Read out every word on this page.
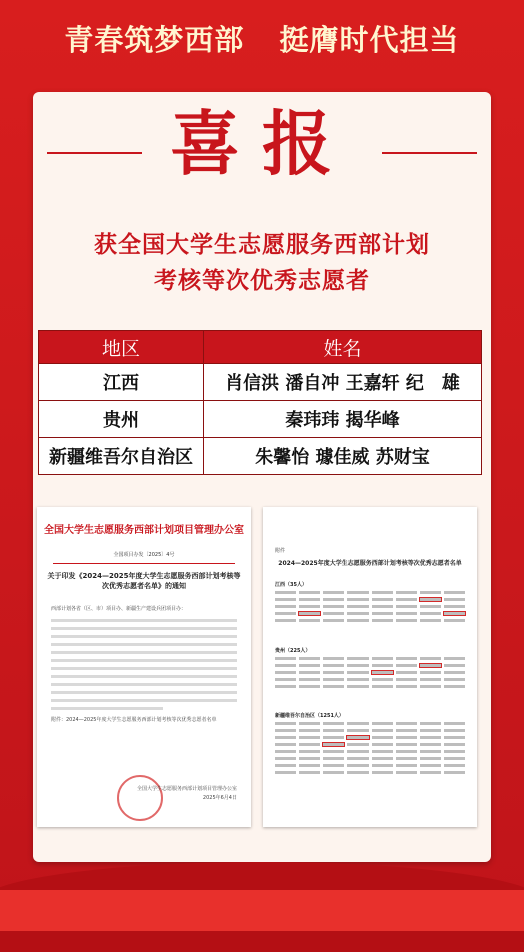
青春筑梦西部 挺膺时代担当
喜报
获全国大学生志愿服务西部计划
考核等次优秀志愿者
地区	姓名
江西	肖信洪 潘自冲 王嘉轩 纪　雄
贵州	秦玮玮 揭华峰
新疆维吾尔自治区	朱馨怡 璩佳威 苏财宝
全国大学生志愿服务西部计划项目管理办公室
全国项目办发〔2025〕4号
关于印发《2024—2025年度大学生志愿服务西部计划考核等次优秀志愿者名单》的通知
西部计划各省（区、市）项目办、新疆生产建设兵团项目办：
附件：2024—2025年度大学生志愿服务西部计划考核等次优秀志愿者名单
全国大学生志愿服务西部计划项目管理办公室
2025年6月4日
附件
2024—2025年度大学生志愿服务西部计划考核等次优秀志愿者名单
江西（35人）
贵州（225人）
新疆维吾尔自治区（1251人）
